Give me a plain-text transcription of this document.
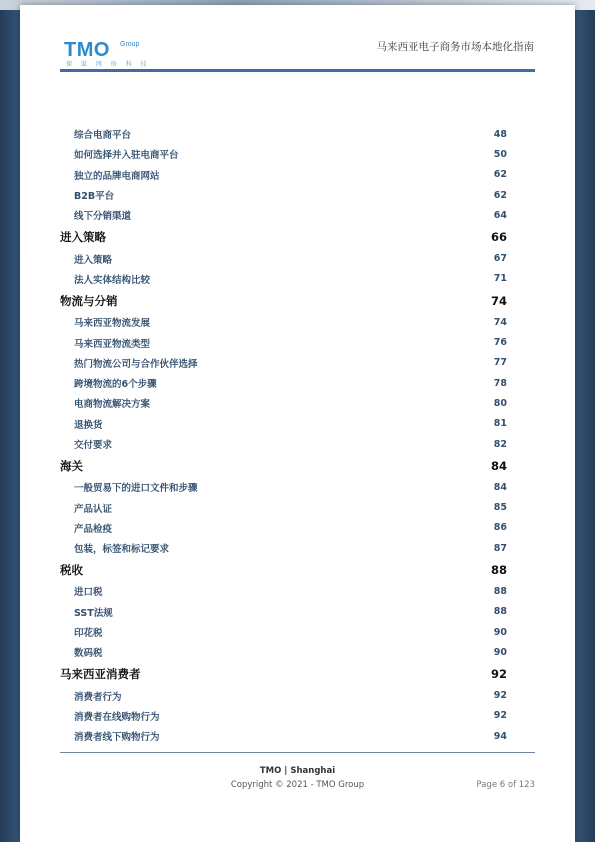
TMO Group
探 谋 网 络 科 技
马来西亚电子商务市场本地化指南
综合电商平台	48
如何选择并入驻电商平台	50
独立的品牌电商网站	62
B2B平台	62
线下分销渠道	64
进入策略	66
进入策略	67
法人实体结构比较	71
物流与分销	74
马来西亚物流发展	74
马来西亚物流类型	76
热门物流公司与合作伙伴选择	77
跨境物流的6个步骤	78
电商物流解决方案	80
退换货	81
交付要求	82
海关	84
一般贸易下的进口文件和步骤	84
产品认证	85
产品检疫	86
包装，标签和标记要求	87
税收	88
进口税	88
SST法规	88
印花税	90
数码税	90
马来西亚消费者	92
消费者行为	92
消费者在线购物行为	92
消费者线下购物行为	94
TMO | Shanghai
Copyright © 2021 - TMO Group	Page 6 of 123
